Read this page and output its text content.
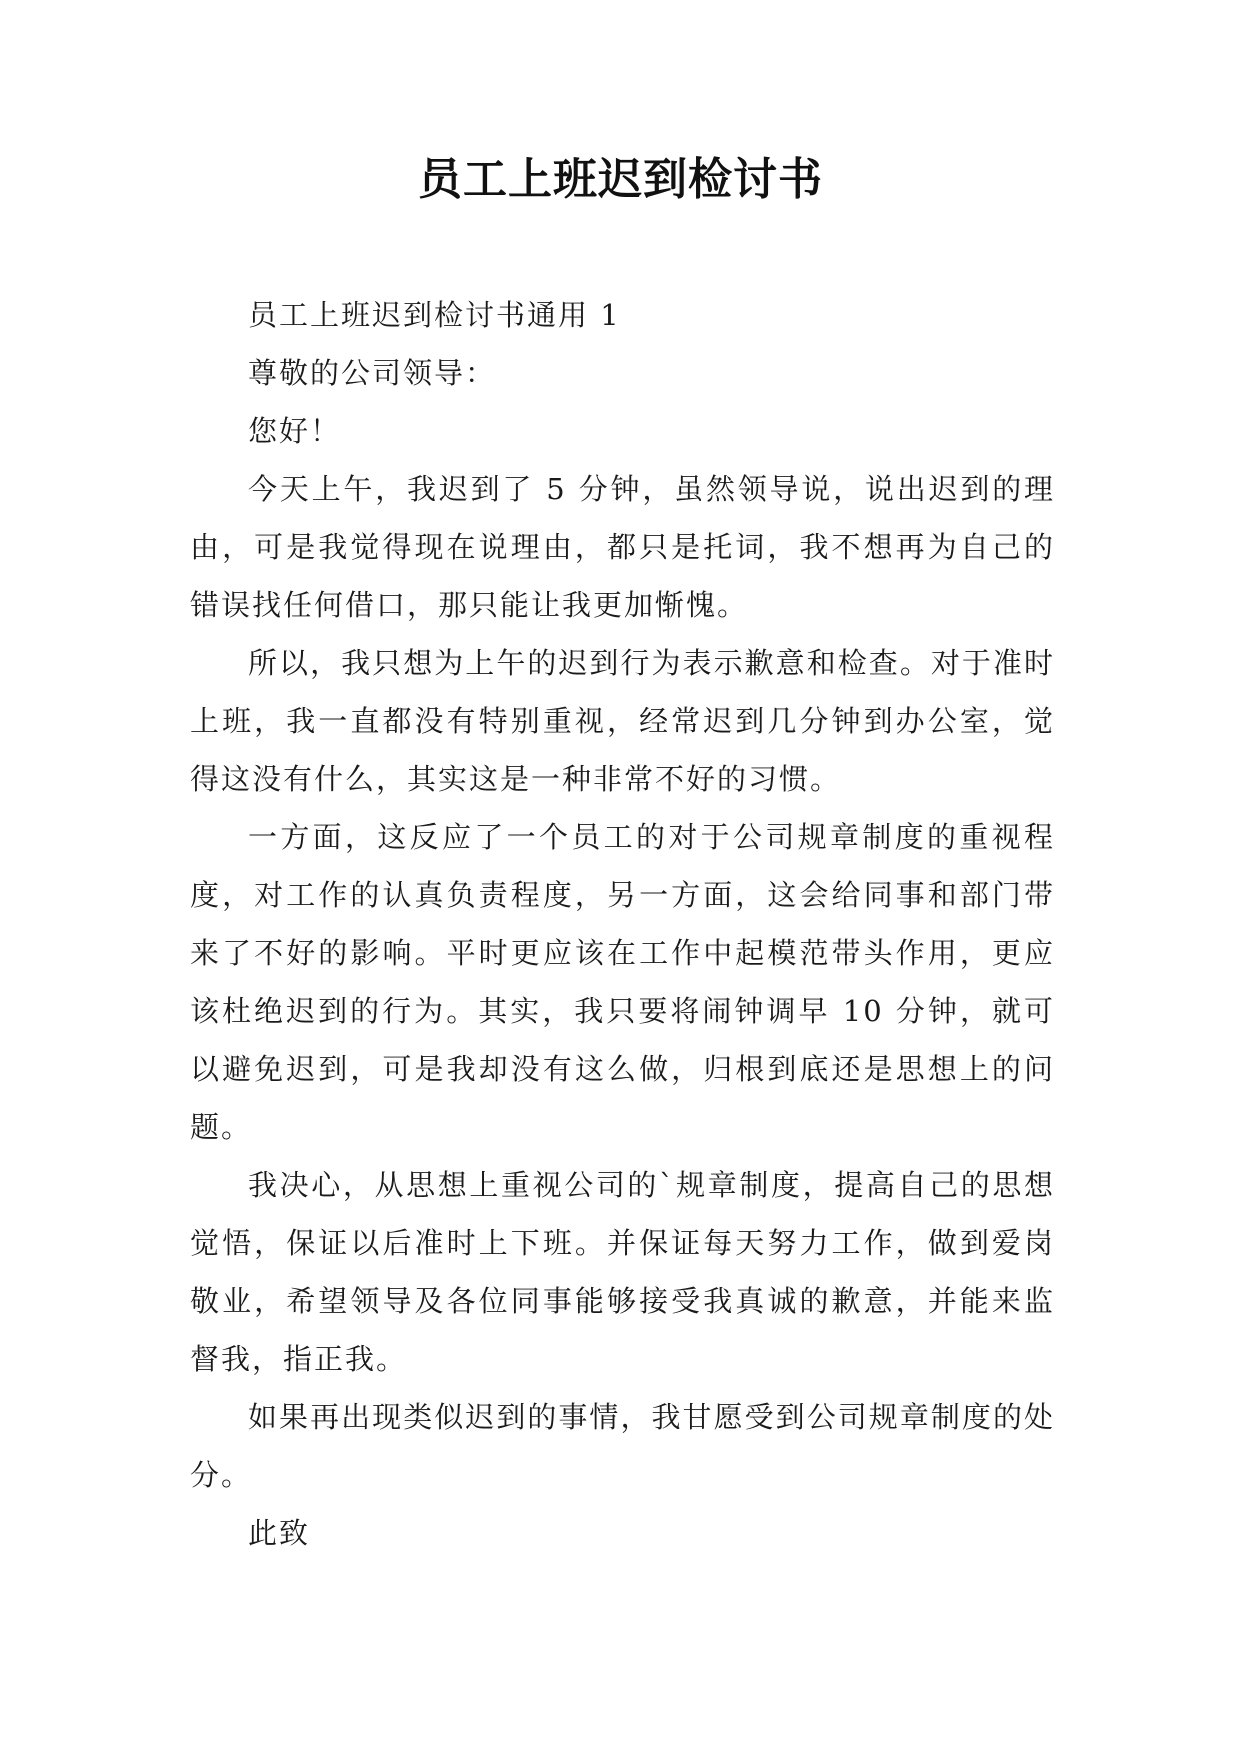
员工上班迟到检讨书

员工上班迟到检讨书通用 1

尊敬的公司领导：

您好！

今天上午，我迟到了 5 分钟，虽然领导说，说出迟到的理由，可是我觉得现在说理由，都只是托词，我不想再为自己的错误找任何借口，那只能让我更加惭愧。

所以，我只想为上午的迟到行为表示歉意和检查。对于准时上班，我一直都没有特别重视，经常迟到几分钟到办公室，觉得这没有什么，其实这是一种非常不好的习惯。

一方面，这反应了一个员工的对于公司规章制度的重视程度，对工作的认真负责程度，另一方面，这会给同事和部门带来了不好的影响。平时更应该在工作中起模范带头作用，更应该杜绝迟到的行为。其实，我只要将闹钟调早 10 分钟，就可以避免迟到，可是我却没有这么做，归根到底还是思想上的问题。

我决心，从思想上重视公司的`规章制度，提高自己的思想觉悟，保证以后准时上下班。并保证每天努力工作，做到爱岗敬业，希望领导及各位同事能够接受我真诚的歉意，并能来监督我，指正我。

如果再出现类似迟到的事情，我甘愿受到公司规章制度的处分。

此致
